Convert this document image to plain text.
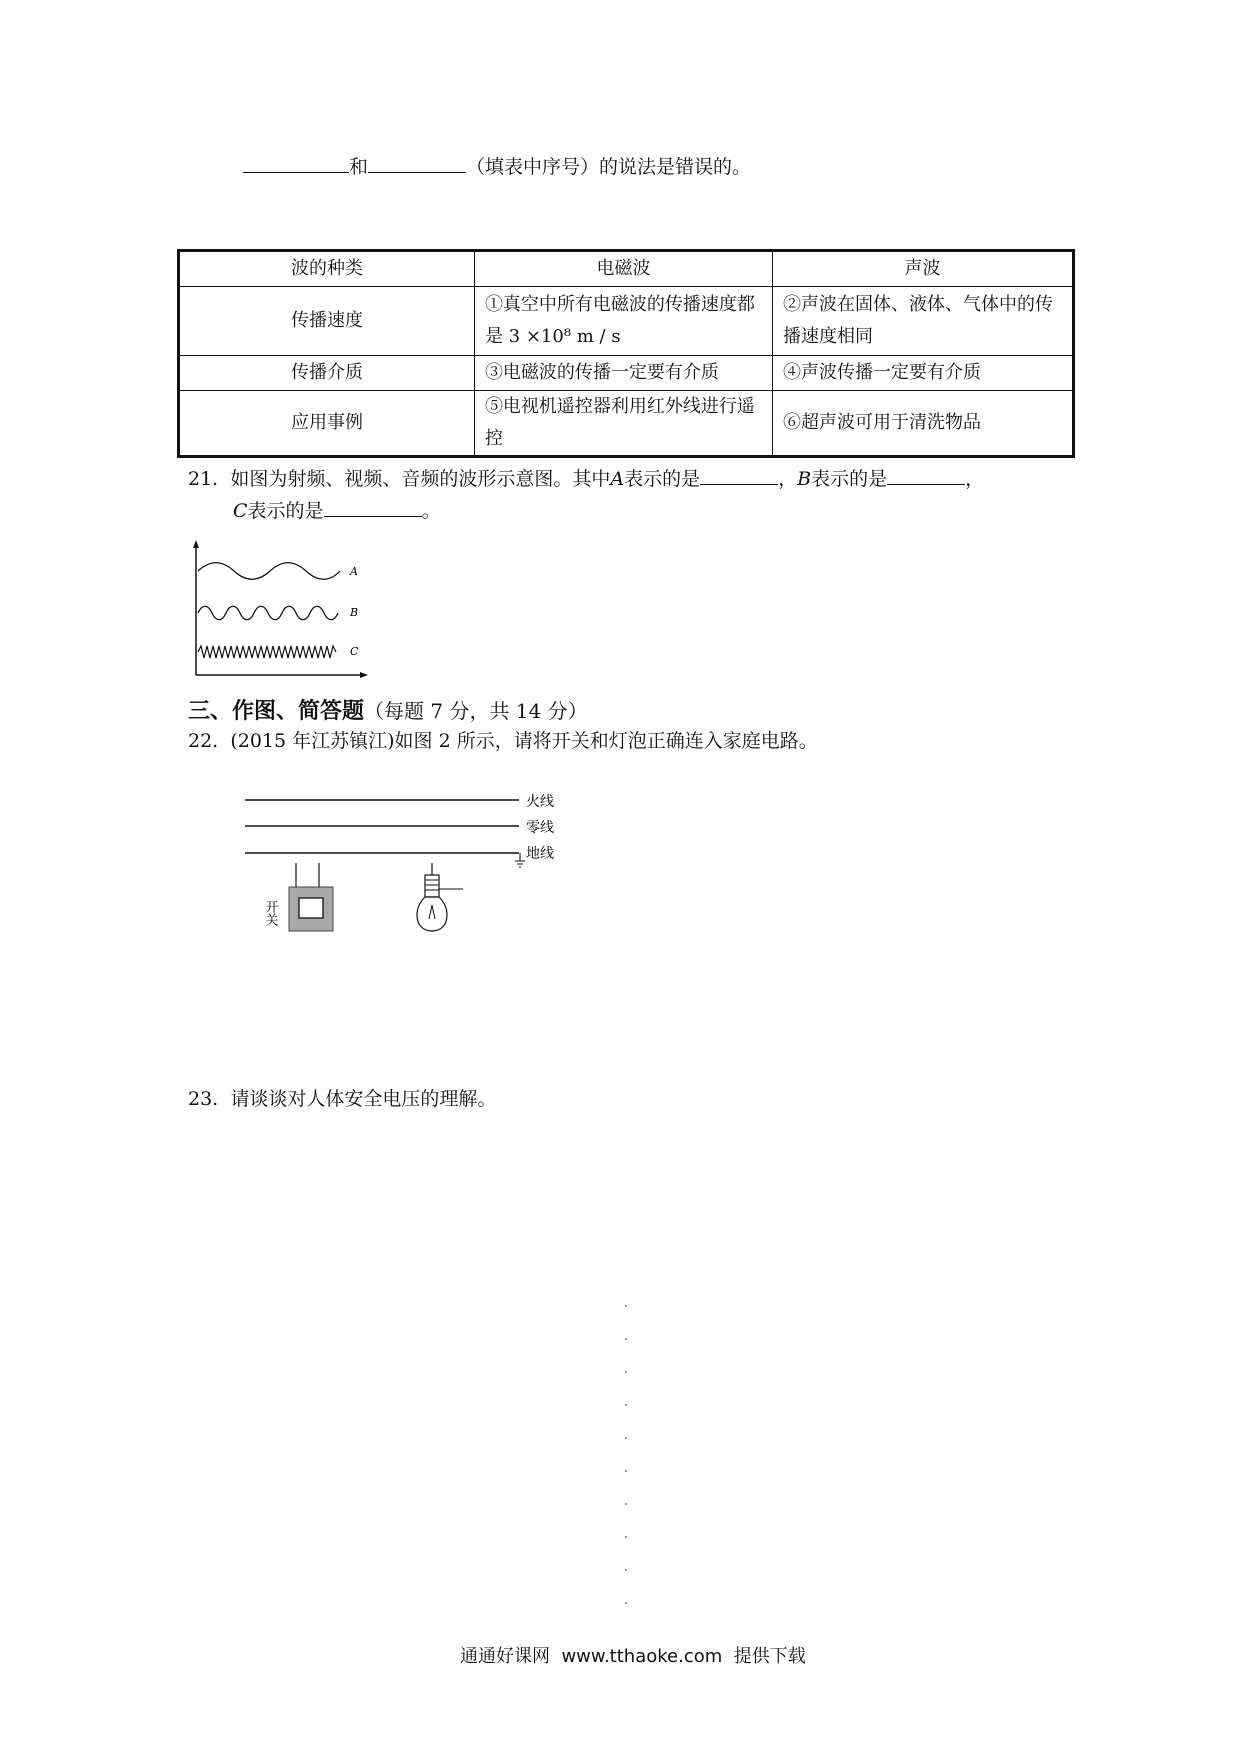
和	（填表中序号）的说法是错误的。
波的种类	电磁波	声波
传播速度	①真空中所有电磁波的传播速度都是 3 ×10⁸ m / s	②声波在固体、液体、气体中的传播速度相同
传播介质	③电磁波的传播一定要有介质	④声波传播一定要有介质
应用事例	⑤电视机遥控器利用红外线进行遥控	⑥超声波可用于清洗物品
21. 如图为射频、视频、音频的波形示意图。其中A表示的是	，B表示的是	，
C表示的是	。
A
B
C
三、作图、简答题（每题 7 分，共 14 分）
22. (2015 年江苏镇江)如图 2 所示，请将开关和灯泡正确连入家庭电路。
火线
零线
地线
开关
23. 请谈谈对人体安全电压的理解。
通通好课网  www.tthaoke.com  提供下载
